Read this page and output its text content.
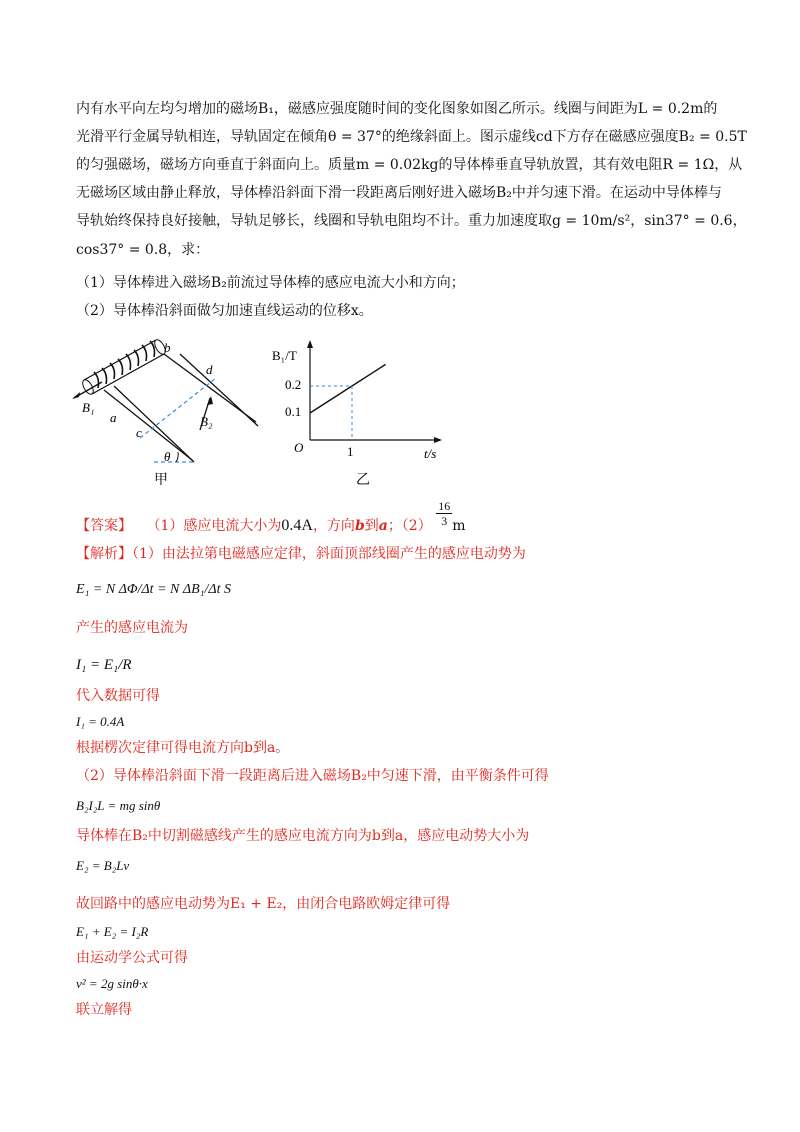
内有水平向左均匀增加的磁场B₁，磁感应强度随时间的变化图象如图乙所示。线圈与间距为L = 0.2m的
光滑平行金属导轨相连，导轨固定在倾角θ = 37°的绝缘斜面上。图示虚线cd下方存在磁感应强度B₂ = 0.5T
的匀强磁场，磁场方向垂直于斜面向上。质量m = 0.02kg的导体棒垂直导轨放置，其有效电阻R = 1Ω，从
无磁场区域由静止释放，导体棒沿斜面下滑一段距离后刚好进入磁场B₂中并匀速下滑。在运动中导体棒与
导轨始终保持良好接触，导轨足够长，线圈和导轨电阻均不计。重力加速度取g = 10m/s²，sin37° = 0.6，
cos37° = 0.8，求：
（1）导体棒进入磁场B₂前流过导体棒的感应电流大小和方向；
（2）导体棒沿斜面做匀加速直线运动的位移x。
b
d
a
c
B₁
B₂
θ
甲
B₁/T
t/s
O
0.2
0.1
1
乙
【答案】 （1）感应电流大小为0.4A，方向b到a；$(2) \frac{16}{3}$ m
【解析】（1）由法拉第电磁感应定律，斜面顶部线圈产生的感应电动势为
E₁ = N ΔΦ/Δt = N ΔB₁/Δt S
产生的感应电流为
I₁ = E₁/R
代入数据可得
I₁ = 0.4A
根据楞次定律可得电流方向b到a。
（2）导体棒沿斜面下滑一段距离后进入磁场B₂中匀速下滑，由平衡条件可得
B₂I₂L = mg sinθ
导体棒在B₂中切割磁感线产生的感应电流方向为b到a，感应电动势大小为
E₂ = B₂Lv
故回路中的感应电动势为E₁ + E₂，由闭合电路欧姆定律可得
E₁ + E₂ = I₂R
由运动学公式可得
v² = 2g sinθ·x
联立解得
